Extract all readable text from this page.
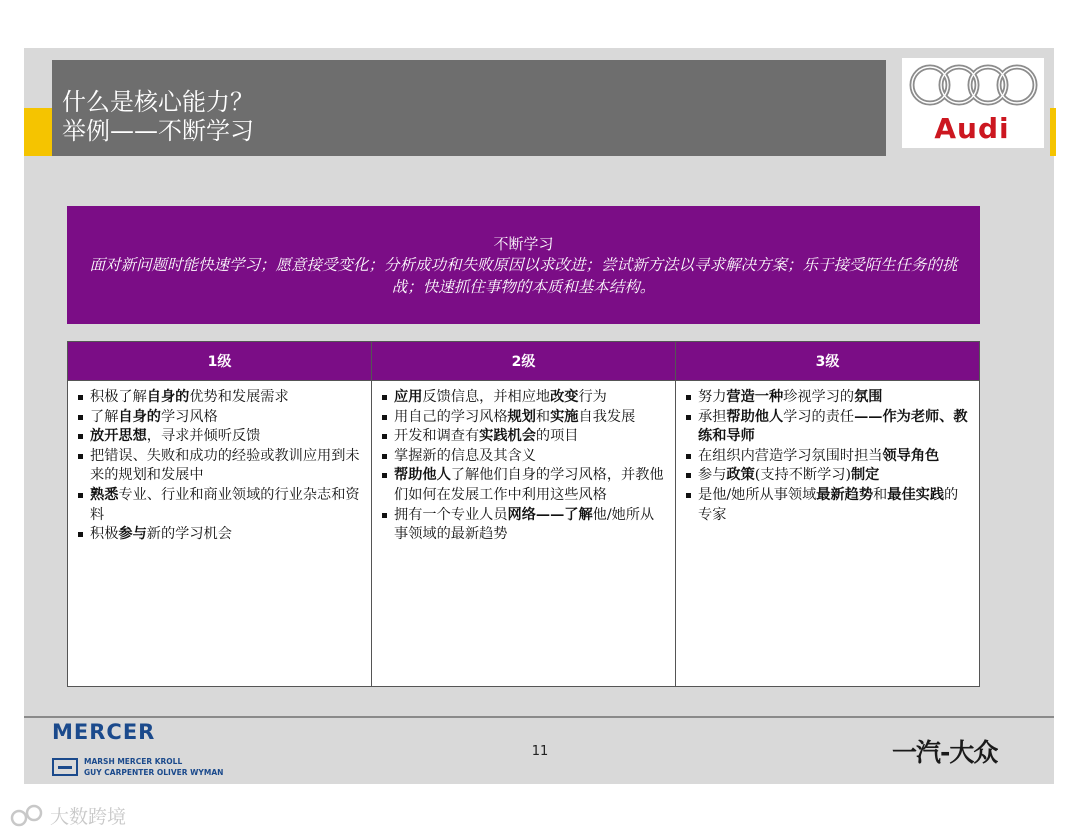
什么是核心能力？
举例——不断学习	Audi
不断学习
面对新问题时能快速学习；愿意接受变化；分析成功和失败原因以求改进；尝试新方法以寻求解决方案；乐于接受陌生任务的挑战；快速抓住事物的本质和基本结构。
1级
积极了解自身的优势和发展需求
了解自身的学习风格
放开思想，寻求并倾听反馈
把错误、失败和成功的经验或教训应用到未来的规划和发展中
熟悉专业、行业和商业领域的行业杂志和资料
积极参与新的学习机会
2级
应用反馈信息，并相应地改变行为
用自己的学习风格规划和实施自我发展
开发和调查有实践机会的项目
掌握新的信息及其含义
帮助他人了解他们自身的学习风格，并教他们如何在发展工作中利用这些风格
拥有一个专业人员网络——了解他/她所从事领域的最新趋势
3级
努力营造一种珍视学习的氛围
承担帮助他人学习的责任——作为老师、教练和导师
在组织内营造学习氛围时担当领导角色
参与政策(支持不断学习)制定
是他/她所从事领域最新趋势和最佳实践的专家
MERCER
MARSH MERCER KROLL
GUY CARPENTER OLIVER WYMAN
11	一汽-大众
大数跨境
